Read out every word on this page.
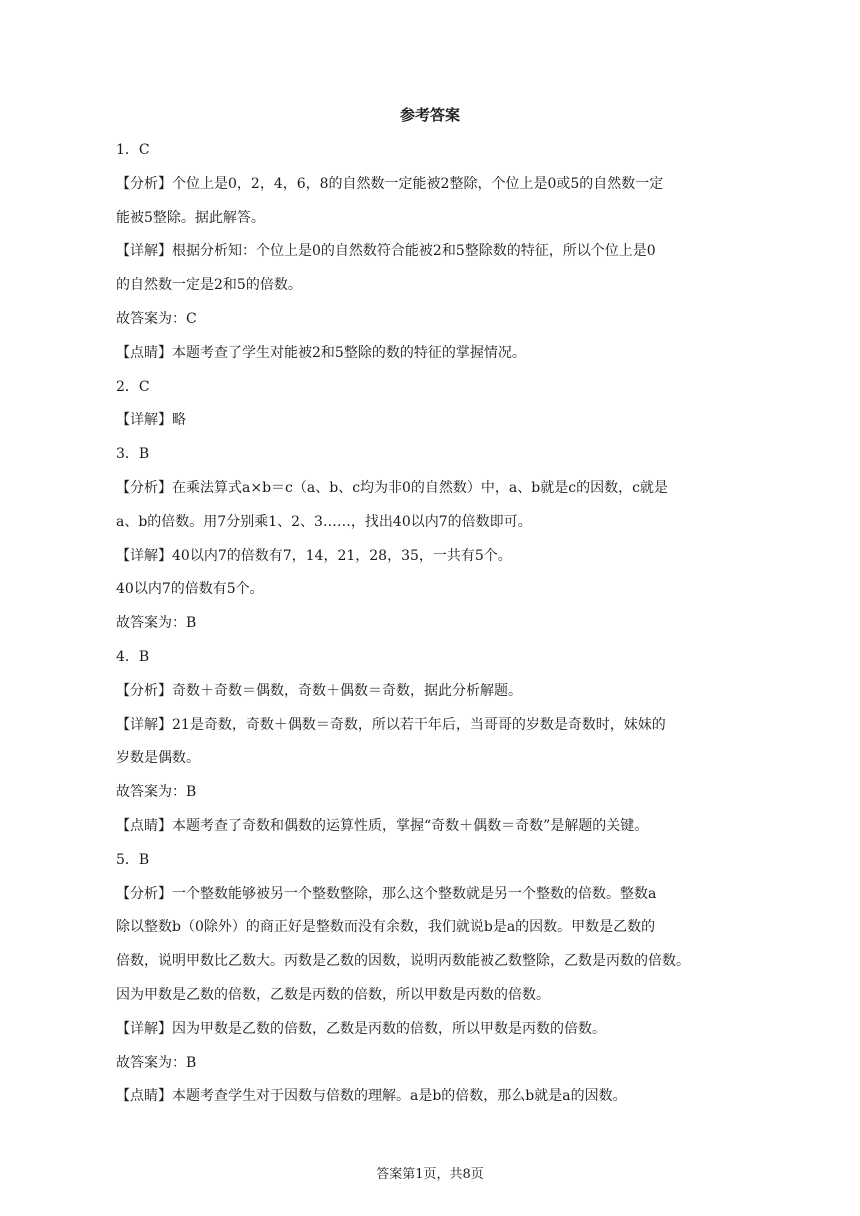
参考答案

1．C

【分析】个位上是0，2，4，6，8的自然数一定能被2整除，个位上是0或5的自然数一定

能被5整除。据此解答。

【详解】根据分析知：个位上是0的自然数符合能被2和5整除数的特征，所以个位上是0

的自然数一定是2和5的倍数。

故答案为：C

【点睛】本题考查了学生对能被2和5整除的数的特征的掌握情况。

2．C

【详解】略

3．B

【分析】在乘法算式a×b＝c（a、b、c均为非0的自然数）中，a、b就是c的因数，c就是

a、b的倍数。用7分别乘1、2、3……，找出40以内7的倍数即可。

【详解】40以内7的倍数有7，14，21，28，35，一共有5个。

40以内7的倍数有5个。

故答案为：B

4．B

【分析】奇数＋奇数＝偶数，奇数＋偶数＝奇数，据此分析解题。

【详解】21是奇数，奇数＋偶数＝奇数，所以若干年后，当哥哥的岁数是奇数时，妹妹的

岁数是偶数。

故答案为：B

【点睛】本题考查了奇数和偶数的运算性质，掌握“奇数＋偶数＝奇数”是解题的关键。

5．B

【分析】一个整数能够被另一个整数整除，那么这个整数就是另一个整数的倍数。整数a

除以整数b（0除外）的商正好是整数而没有余数，我们就说b是a的因数。甲数是乙数的

倍数，说明甲数比乙数大。丙数是乙数的因数，说明丙数能被乙数整除，乙数是丙数的倍数。

因为甲数是乙数的倍数，乙数是丙数的倍数，所以甲数是丙数的倍数。

【详解】因为甲数是乙数的倍数，乙数是丙数的倍数，所以甲数是丙数的倍数。

故答案为：B

【点睛】本题考查学生对于因数与倍数的理解。a是b的倍数，那么b就是a的因数。

答案第1页，共8页
